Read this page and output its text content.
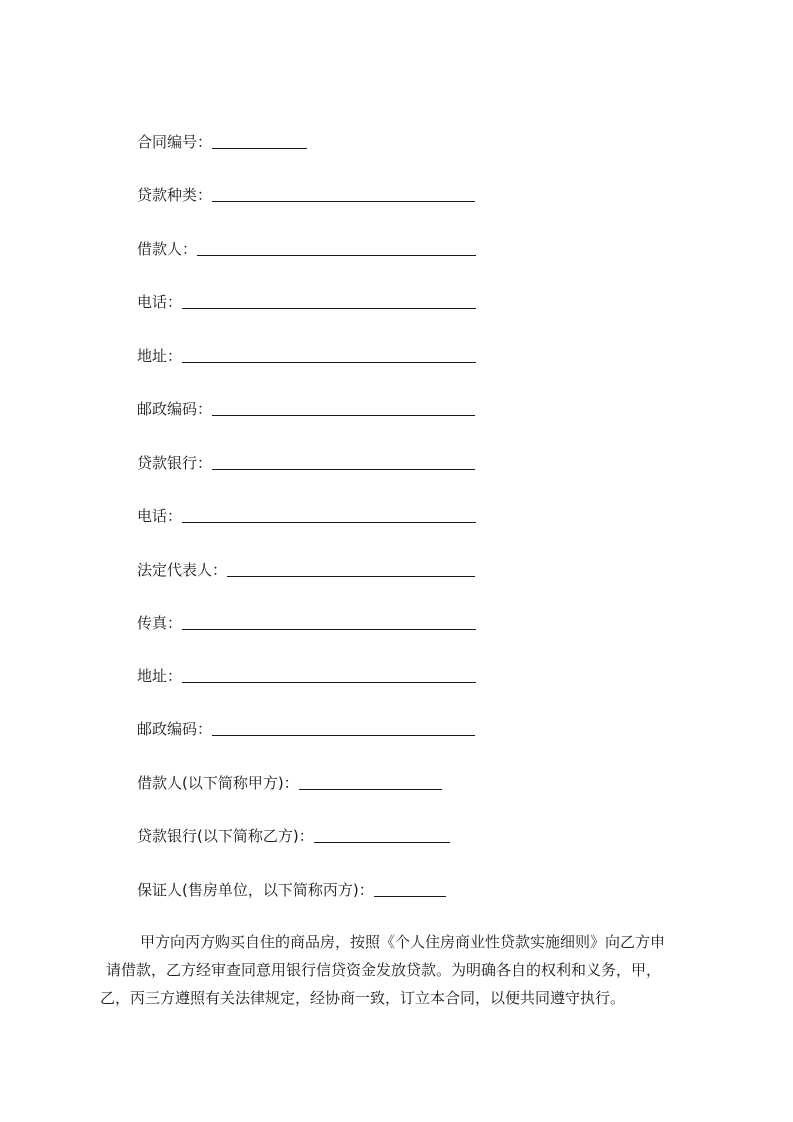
合同编号：
贷款种类：
借款人：
电话：
地址：
邮政编码：
贷款银行：
电话：
法定代表人：
传真：
地址：
邮政编码：
借款人(以下简称甲方)：
贷款银行(以下简称乙方)：
保证人(售房单位，以下简称丙方)：

甲方向丙方购买自住的商品房，按照《个人住房商业性贷款实施细则》向乙方申
请借款，乙方经审查同意用银行信贷资金发放贷款。为明确各自的权利和义务，甲，
乙，丙三方遵照有关法律规定，经协商一致，订立本合同，以便共同遵守执行。
